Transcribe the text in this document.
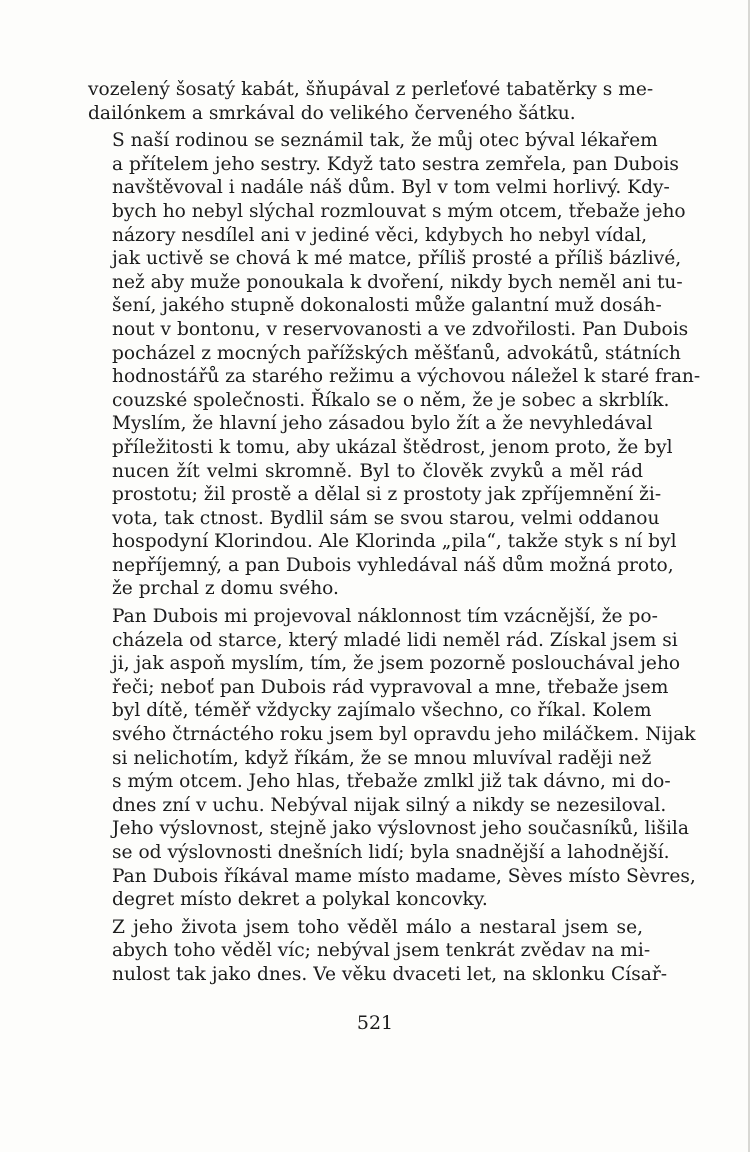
vozelený šosatý kabát, šňupával z perleťové tabatěrky s me-
dailónkem a smrkával do velikého červeného šátku.

S naší rodinou se seznámil tak, že můj otec býval lékařem
a přítelem jeho sestry. Když tato sestra zemřela, pan Dubois
navštěvoval i nadále náš dům. Byl v tom velmi horlivý. Kdy-
bych ho nebyl slýchal rozmlouvat s mým otcem, třebaže jeho
názory nesdílel ani v jediné věci, kdybych ho nebyl vídal,
jak uctivě se chová k mé matce, příliš prosté a příliš bázlivé,
než aby muže ponoukala k dvoření, nikdy bych neměl ani tu-
šení, jakého stupně dokonalosti může galantní muž dosáh-
nout v bontonu, v reservovanosti a ve zdvořilosti. Pan Dubois
pocházel z mocných pařížských měšťanů, advokátů, státních
hodnostářů za starého režimu a výchovou náležel k staré fran-
couzské společnosti. Říkalo se o něm, že je sobec a skrblík.
Myslím, že hlavní jeho zásadou bylo žít a že nevyhledával
příležitosti k tomu, aby ukázal štědrost, jenom proto, že byl
nucen žít velmi skromně. Byl to člověk zvyků a měl rád
prostotu; žil prostě a dělal si z prostoty jak zpříjemnění ži-
vota, tak ctnost. Bydlil sám se svou starou, velmi oddanou
hospodyní Klorindou. Ale Klorinda „pila“, takže styk s ní byl
nepříjemný, a pan Dubois vyhledával náš dům možná proto,
že prchal z domu svého.

Pan Dubois mi projevoval náklonnost tím vzácnější, že po-
cházela od starce, který mladé lidi neměl rád. Získal jsem si
ji, jak aspoň myslím, tím, že jsem pozorně poslouchával jeho
řeči; neboť pan Dubois rád vypravoval a mne, třebaže jsem
byl dítě, téměř vždycky zajímalo všechno, co říkal. Kolem
svého čtrnáctého roku jsem byl opravdu jeho miláčkem. Nijak
si nelichotím, když říkám, že se mnou mluvíval raději než
s mým otcem. Jeho hlas, třebaže zmlkl již tak dávno, mi do-
dnes zní v uchu. Nebýval nijak silný a nikdy se nezesiloval.
Jeho výslovnost, stejně jako výslovnost jeho současníků, lišila
se od výslovnosti dnešních lidí; byla snadnější a lahodnější.
Pan Dubois říkával mame místo madame, Sèves místo Sèvres,
degret místo dekret a polykal koncovky.

Z jeho života jsem toho věděl málo a nestaral jsem se,
abych toho věděl víc; nebýval jsem tenkrát zvědav na mi-
nulost tak jako dnes. Ve věku dvaceti let, na sklonku Císař-

521
